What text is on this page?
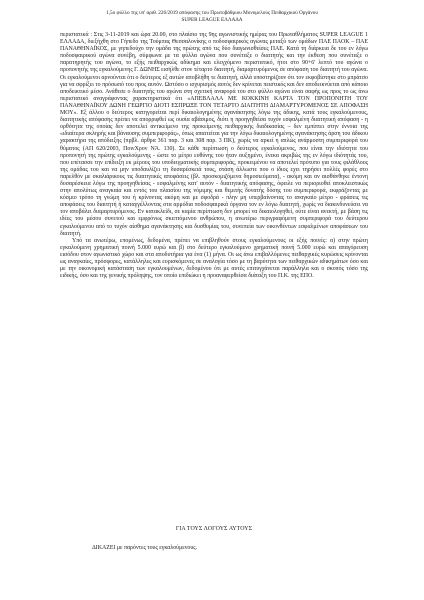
1,5ο φύλλο της υπ' αριθ. 226/2019 απόφασης του Πρωτοβάθμιου Μονομελούς Πειθαρχικού Οργάνου
SUPER LEAGUE ΕΛΛΑΔΑ

περιστατικά : Στις 3-11-2019 και ώρα 20.00, στο πλαίσιο της 9ης αγωνιστικής ημέρας του Πρωταθλήματος SUPER LEAGUE 1 ΕΛΛΑΔΑ, διεξήχθη στο Γήπεδο της Τούμπας Θεσσαλονίκης ο ποδοσφαιρικός αγώνας μεταξύ των ομάδων ΠΑΕ ΠΑΟΚ – ΠΑΕ ΠΑΝΑΘΗΝΑΪΚΟΣ, με γηπεδούχο την ομάδα της πρώτης από τις δύο διαγωνισθείσες ΠΑΕ. Κατά τη διάρκεια δε του εν λόγω ποδοσφαιρικού αγώνα συνέβη, σύμφωνα με τα φύλλα αγώνα που συνέταξε ο διαιτητής και την έκθεση που συνέταξε ο παρατηρητής του αγώνα, το εξής πειθαρχικώς αδίκημα και ελεγχόμενο περιστατικό, ήτοι στο 90+6' λεπτό του αγώνα ο προπονητής της εγκαλούμενης Γ. ΔΩΝΗΣ εισήλθε στον τέταρτο διαιτητή, διαμαρτυρόμενος σε απόφαση του διαιτητή του αγώνα. Οι εγκαλούμενοι αρνούνται ότι ο δεύτερος εξ αυτών αποβλήθη τε διαιτητή, αλλά υποστηρίζουν ότι τον εκφοβίστηκε στο μπράτσο για να σφρίξει το πρόσωπό του προς αυτόν. Ωστόσο ο ισχυρισμός αυτός δεν κρίνεται πειστικός και δεν αποδεικνύεται από κάποιο αποδεικτικό μέσο. Ανάθεσε ο διαιτητής του αγώνα στη σχετική αναφορά του στο φύλλο αγώνα είναι σαφής ως προς το ως άνω περιστατικό αναγράφοντας χαρακτηριστικά ότι «ΑΠΕΒΛΑΛΑ ΜΕ ΚΟΚΚΙΝΗ ΚΑΡΤΑ ΤΟΝ ΠΡΟΠΟΝΗΤΗ ΤΟΥ ΠΑΝΑΘΗΝΑΪΚΟΥ ΔΩΝΗ ΓΕΩΡΓΙΟ ΔΙΟΤΙ ΕΣΠΡΩΞΕ ΤΟΝ ΤΕΤΑΡΤΟ ΔΙΑΙΤΗΤΗ ΔΙΑΜΑΡΤΥΡΟΜΕΝΟΣ ΣΕ ΑΠΟΦΑΣΗ ΜΟΥ». Εξ άλλου ο δεύτερος κατηγορείται περί δικαιολογημένης αγανάκτησης λόγω της άδικης, κατά τους εγκαλούμενους, διαιτητικής απόφασης πρέπει να απορριφθεί ως ουσία αβάσιμος, διότι η προηγηθείσα τυχόν εσφαλμένη διαιτητική απόφαση - η ορθότητα της οποίας δεν αποτελεί αντικείμενο της προκείμενης πειθαρχικής διαδικασίας – δεν εμπίπτει στην έννοια της «ιδιαίτερα σκληρής και βάναυσης συμπεριφοράς», όπως απαιτείται για την λόγω δικαιολογημένης αγανάκτησης άρση του άδικου χαρακτήρα της απόδειξης (πρβλ. άρθρα 361 παρ. 3 και 308 παρ. 3 ΠΚ), χωρίς να αρκεί η απλώς ανάρμοστη συμπεριφορά του θύματος (ΑΠ 620/2003, ΠοινΧρον ΝΆ. 130). Σε κάθε περίπτωση ο δεύτερος εγκαλούμενος, που είναι την ιδιότητα του προπονητή της πρώτης εγκαλούμενης - ώστε το μέτρο ευθύνης του ήταν αυξημένο, ένεκα ακριβώς της εν λόγω ιδιότητάς του, που επέτασσε την επίδειξη εκ μέρους του υποδειγματικής συμπεριφοράς, προκειμένου να αποτελεί πρότυπο για τους φιλάθλους της ομάδας του και να μην υποδαυλίζει τη δυσαρέσκειά τους, στάση άλλωστε που ο ίδιος εχει τηρήσει πολλές φορές στο παρελθόν με σκαλιάρικους τις διαιτητικές αποφάσεις (βλ. προσκομιζόμενα δημοσιεύματα), - ακόμη και αν αισθάνθηκε έντονη δυσαρέσκεια λόγω της προηγηθείσας - εσφαλμένης κατ' αυτόν - διαιτητικής απόφασης, όφειλε να περιοριοθεί αποκλειστικώς στην απολύτως αναγκαία και εντός του πλαισίου της νόμιμης και θεμιτής δυνατής δόσης του συμπεριφορά, εκφράζοντας με κόσμιο τρόπο τη γνώμη του ή κρίνοντας ακόμη και με σφοδρά - πλην μη υπερβαίνοντας το αναγκαίο μέτρο - φράσεις τις αποφάσεις του διαιτητή ή καταγγέλλοντας στα αρμόδια ποδοσφαιρικά όργανα τον εν λόγω διαιτητή, χωρίς να διακινδυνεύσει να τον αποβάλει διαμαρτυρόμενος. Εν κατακλείδι, σε καμία περίπτωση δεν μπορεί να δικαιολογηθεί, ούτε είναι ανεκτή, με βάση τις ιδέες του μέσου συνετού και εμφρόνως σκεπτόμενου ανθρώπου, η ανωτέρω περιγραφόμενη συμπεριφορά του δεύτερου εγκαλούμενου από το τυχόν αίσθημα αγανάκτησης και δυσθυμίας του, συνεπεία των οικονθέντων εσφαλμένων αποφάσεων του διαιτητή.

Υπό τα ανωτέρω, επομένως, δεδομένα, πρέπει να επιβληθούν στους εγκαλούμενους οι εξής ποινές: α) στην πρώτη εγκαλούμενη χρηματική ποινή 5.000 ευρώ και β) στο δεύτερο εγκαλούμενο χρηματική ποινή 5.000 ευρώ και απαγόρευση εισόδου στον αγωνιστικό χώρο και στα αποδυτήρια για ένα (1) μήνα. Οι ως άνω επιβαλλόμενες πειθαρχικές κυρώσεις κρίνονται ως αναγκαίες, πρόσφορες, κατάλληλες και ευρισκόμενες σε αναλογία τόσο με τη βαρύτητα των πειθαρχικών αδικημάτων όσο και με την οικονομική κατάσταση των εγκαλουμένων, δεδομένου ότι με αυτές επιτυγχάνεται παράλληλα και ο σκοπός τόσο της ειδικής, όσο και της γενικής πρόληψης, τον οποίο επιδιώκει η προαναφερθείσα διάταξη του Π.Κ. της ΕΠΟ.

ΓΙΑ ΤΟΥΣ ΛΟΓΟΥΣ ΑΥΤΟΥΣ
ΔΙΚΑΖΕΙ με παρόντες τους εγκαλούμενους.
